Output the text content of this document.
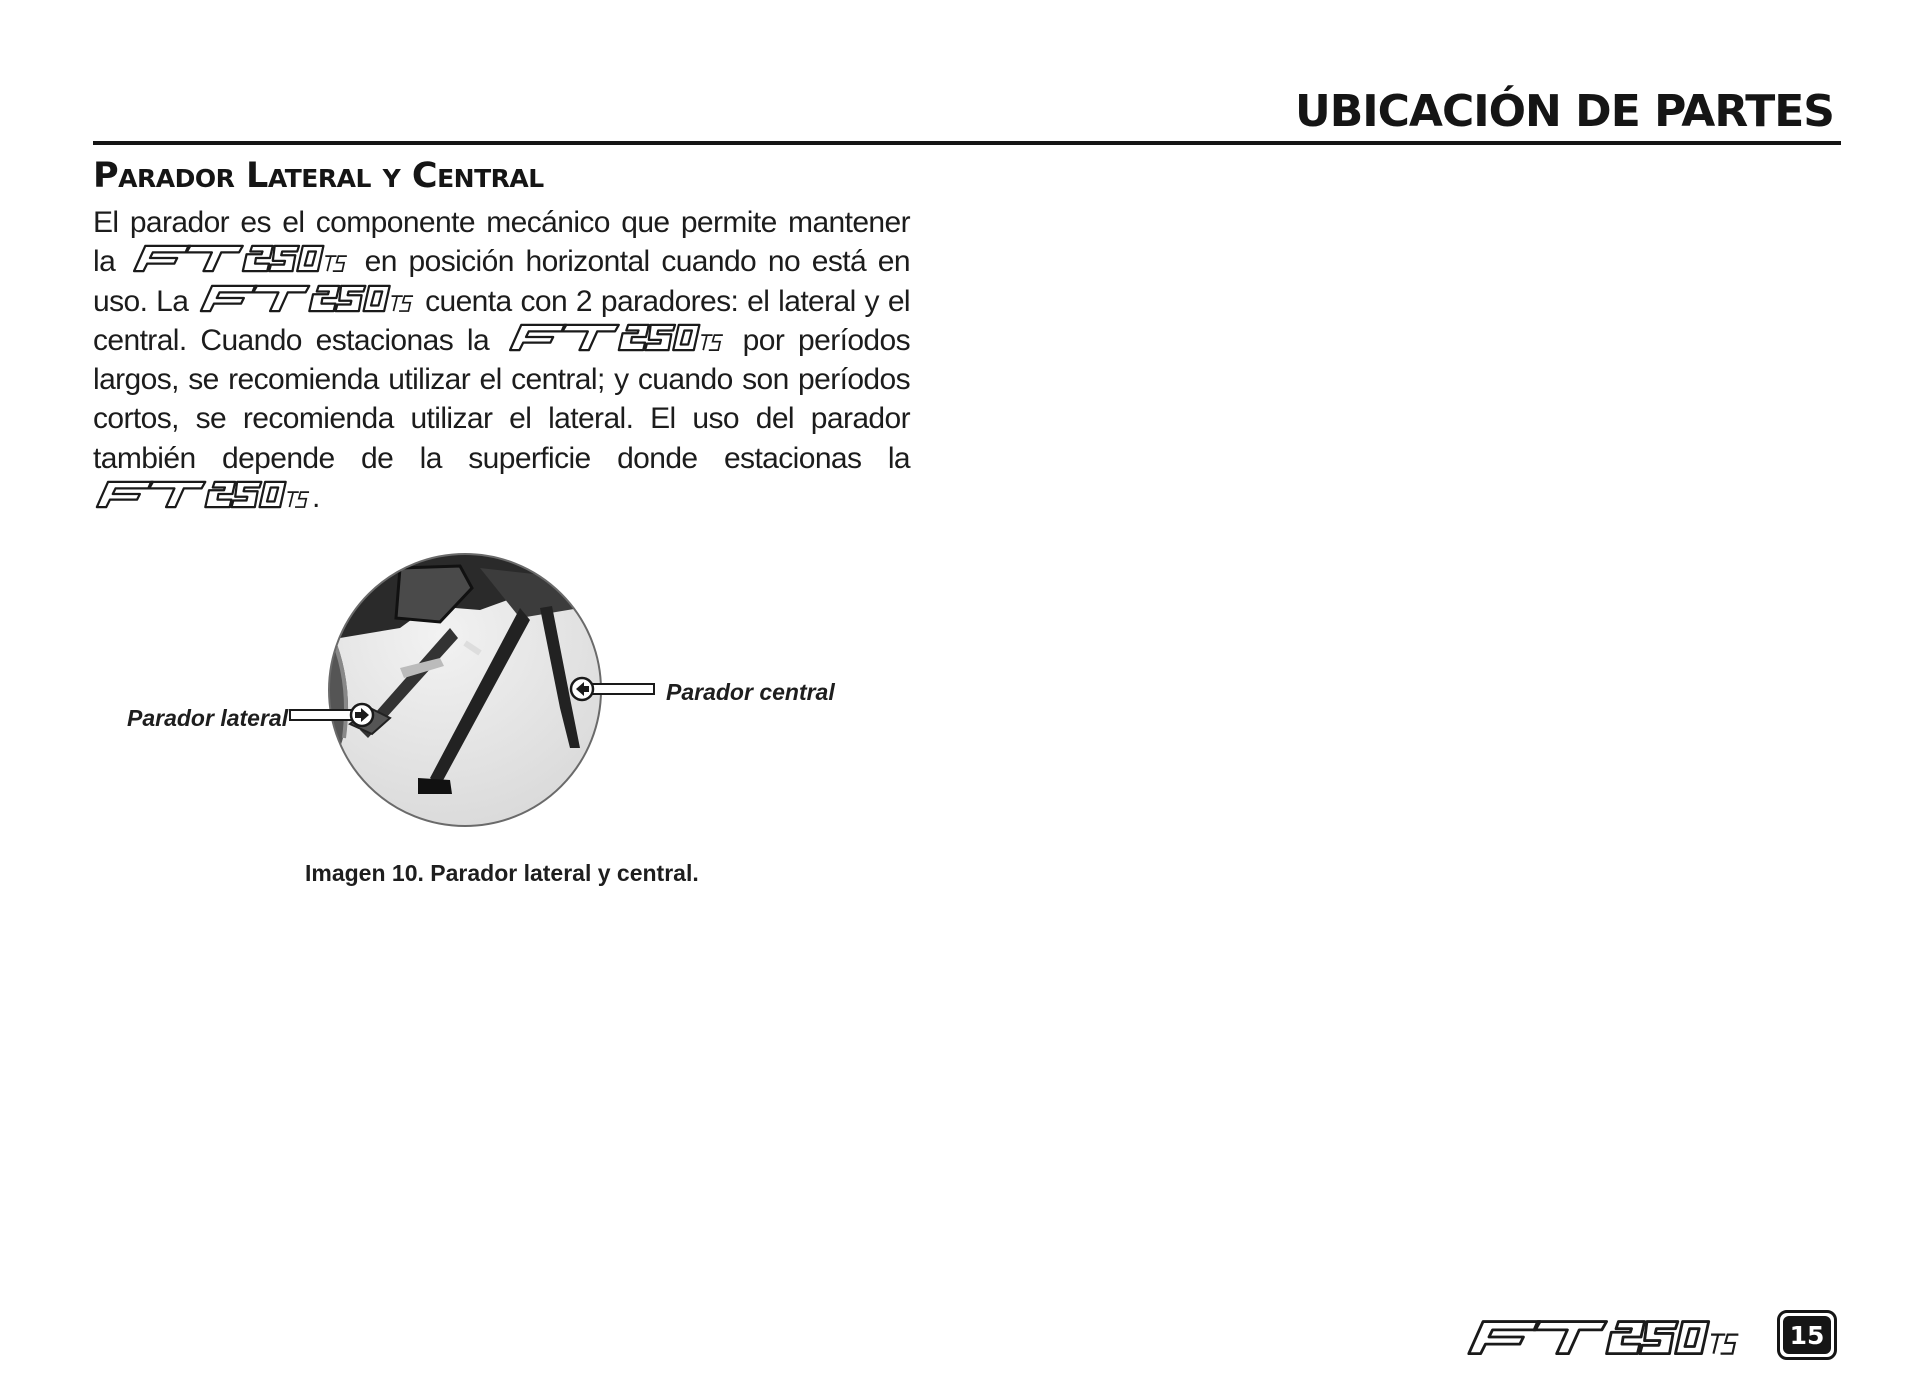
UBICACIÓN DE PARTES
Parador Lateral y Central

El parador es el componente mecánico que permite mantener la	en posición horizontal cuando no está en uso. La	cuenta con 2 paradores: el lateral y el central. Cuando estacionas la	por períodos largos, se recomienda utilizar el central; y cuando son períodos cortos, se recomienda utilizar el lateral. El uso del parador también depende de la superficie donde estacionas la .

Parador lateral
Parador central

Imagen 10. Parador lateral y central.

15
